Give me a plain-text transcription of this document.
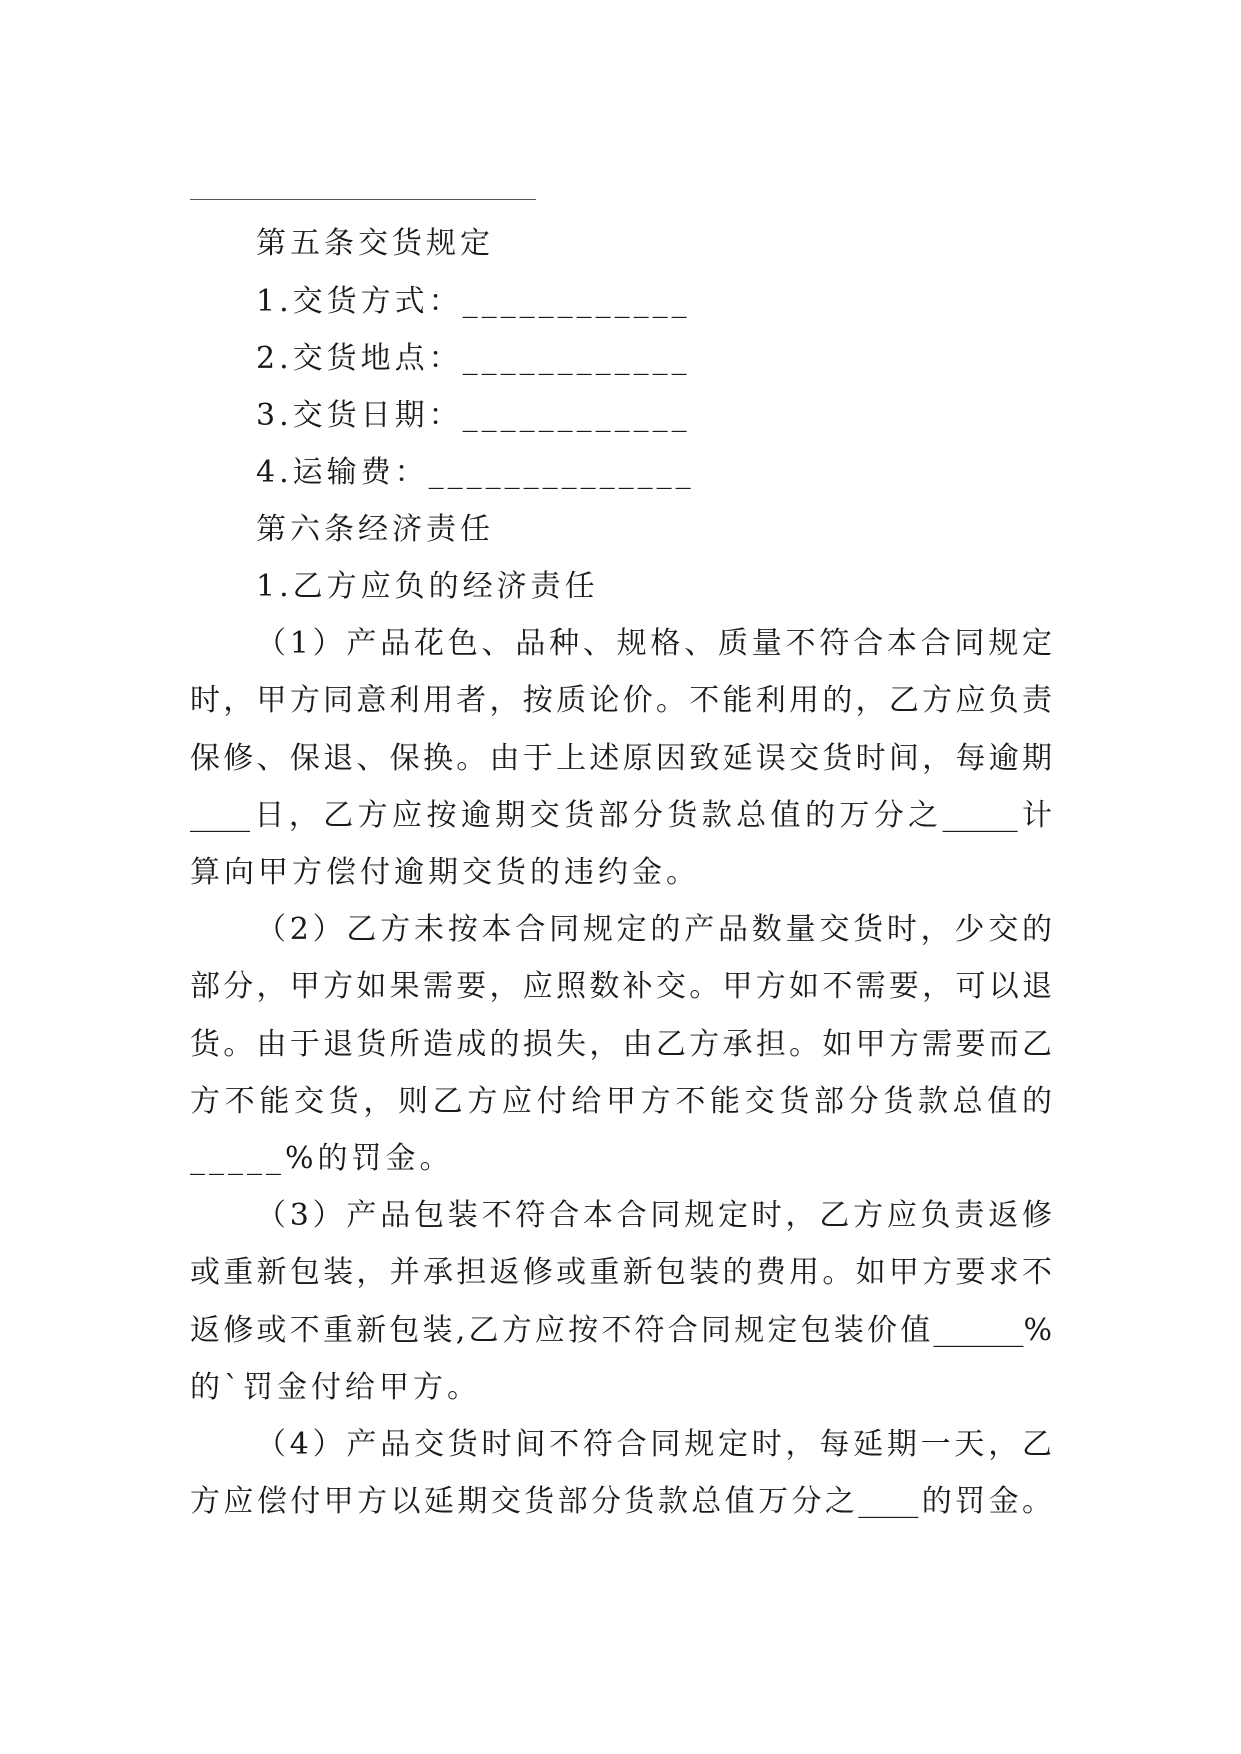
第五条交货规定
1.交货方式：____________
2.交货地点：____________
3.交货日期：____________
4.运输费：______________
第六条经济责任
1.乙方应负的经济责任
（1）产品花色、品种、规格、质量不符合本合同规定
时，甲方同意利用者，按质论价。不能利用的，乙方应负责
保修、保退、保换。由于上述原因致延误交货时间，每逾期
____日，乙方应按逾期交货部分货款总值的万分之_____计
算向甲方偿付逾期交货的违约金。
（2）乙方未按本合同规定的产品数量交货时，少交的
部分，甲方如果需要，应照数补交。甲方如不需要，可以退
货。由于退货所造成的损失，由乙方承担。如甲方需要而乙
方不能交货，则乙方应付给甲方不能交货部分货款总值的
_____%的罚金。
（3）产品包装不符合本合同规定时，乙方应负责返修
或重新包装，并承担返修或重新包装的费用。如甲方要求不
返修或不重新包装,乙方应按不符合同规定包装价值______%
的`罚金付给甲方。
（4）产品交货时间不符合同规定时，每延期一天，乙
方应偿付甲方以延期交货部分货款总值万分之____的罚金。
